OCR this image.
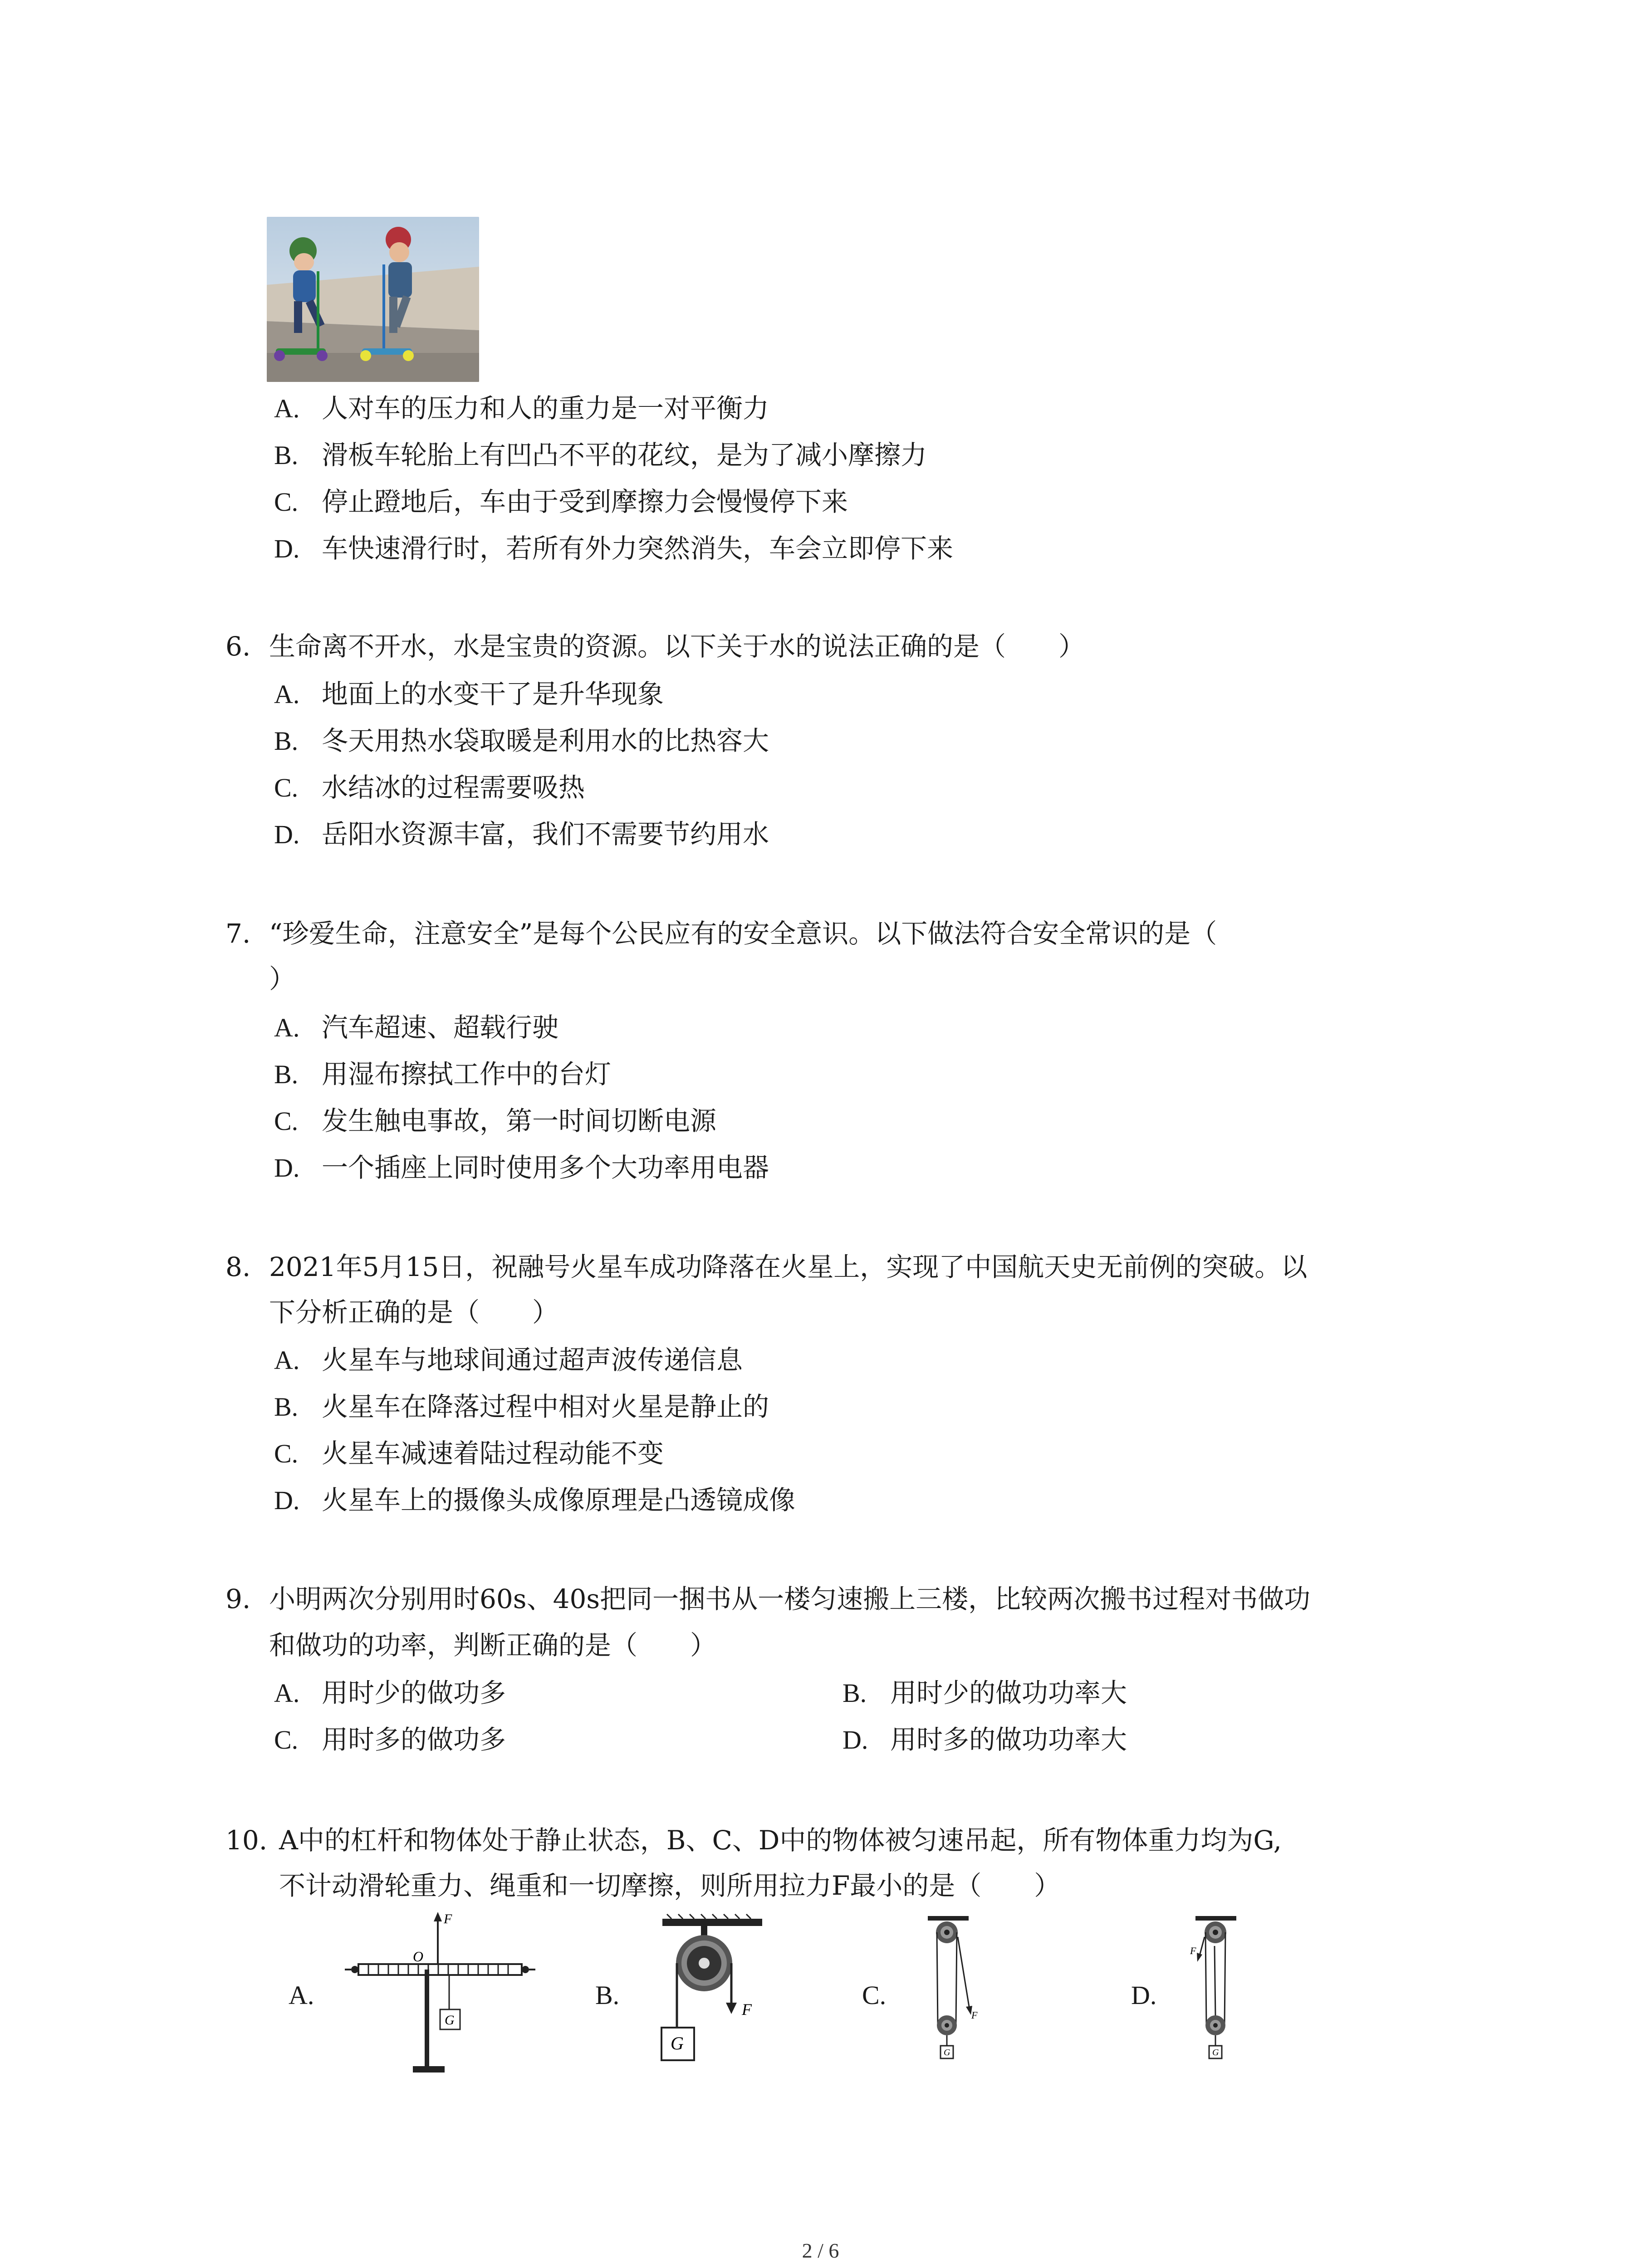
A. 人对车的压力和人的重力是一对平衡力
B. 滑板车轮胎上有凹凸不平的花纹，是为了减小摩擦力
C. 停止蹬地后，车由于受到摩擦力会慢慢停下来
D. 车快速滑行时，若所有外力突然消失，车会立即停下来
6. 生命离不开水，水是宝贵的资源。以下关于水的说法正确的是（　　）
A. 地面上的水变干了是升华现象
B. 冬天用热水袋取暖是利用水的比热容大
C. 水结冰的过程需要吸热
D. 岳阳水资源丰富，我们不需要节约用水
7. “珍爱生命，注意安全”是每个公民应有的安全意识。以下做法符合安全常识的是（
）
A. 汽车超速、超载行驶
B. 用湿布擦拭工作中的台灯
C. 发生触电事故，第一时间切断电源
D. 一个插座上同时使用多个大功率用电器
8. 2021年5月15日，祝融号火星车成功降落在火星上，实现了中国航天史无前例的突破。以
下分析正确的是（　　）
A. 火星车与地球间通过超声波传递信息
B. 火星车在降落过程中相对火星是静止的
C. 火星车减速着陆过程动能不变
D. 火星车上的摄像头成像原理是凸透镜成像
9. 小明两次分别用时60s、40s把同一捆书从一楼匀速搬上三楼，比较两次搬书过程对书做功
和做功的功率，判断正确的是（　　）
A. 用时少的做功多	B. 用时少的做功功率大
C. 用时多的做功多	D. 用时多的做功功率大
10. A中的杠杆和物体处于静止状态，B、C、D中的物体被匀速吊起，所有物体重力均为G,
不计动滑轮重力、绳重和一切摩擦，则所用拉力F最小的是（　　）
A.	B.	C.	D.
F
O
G
F
G
F
G
F
G
2 / 6
